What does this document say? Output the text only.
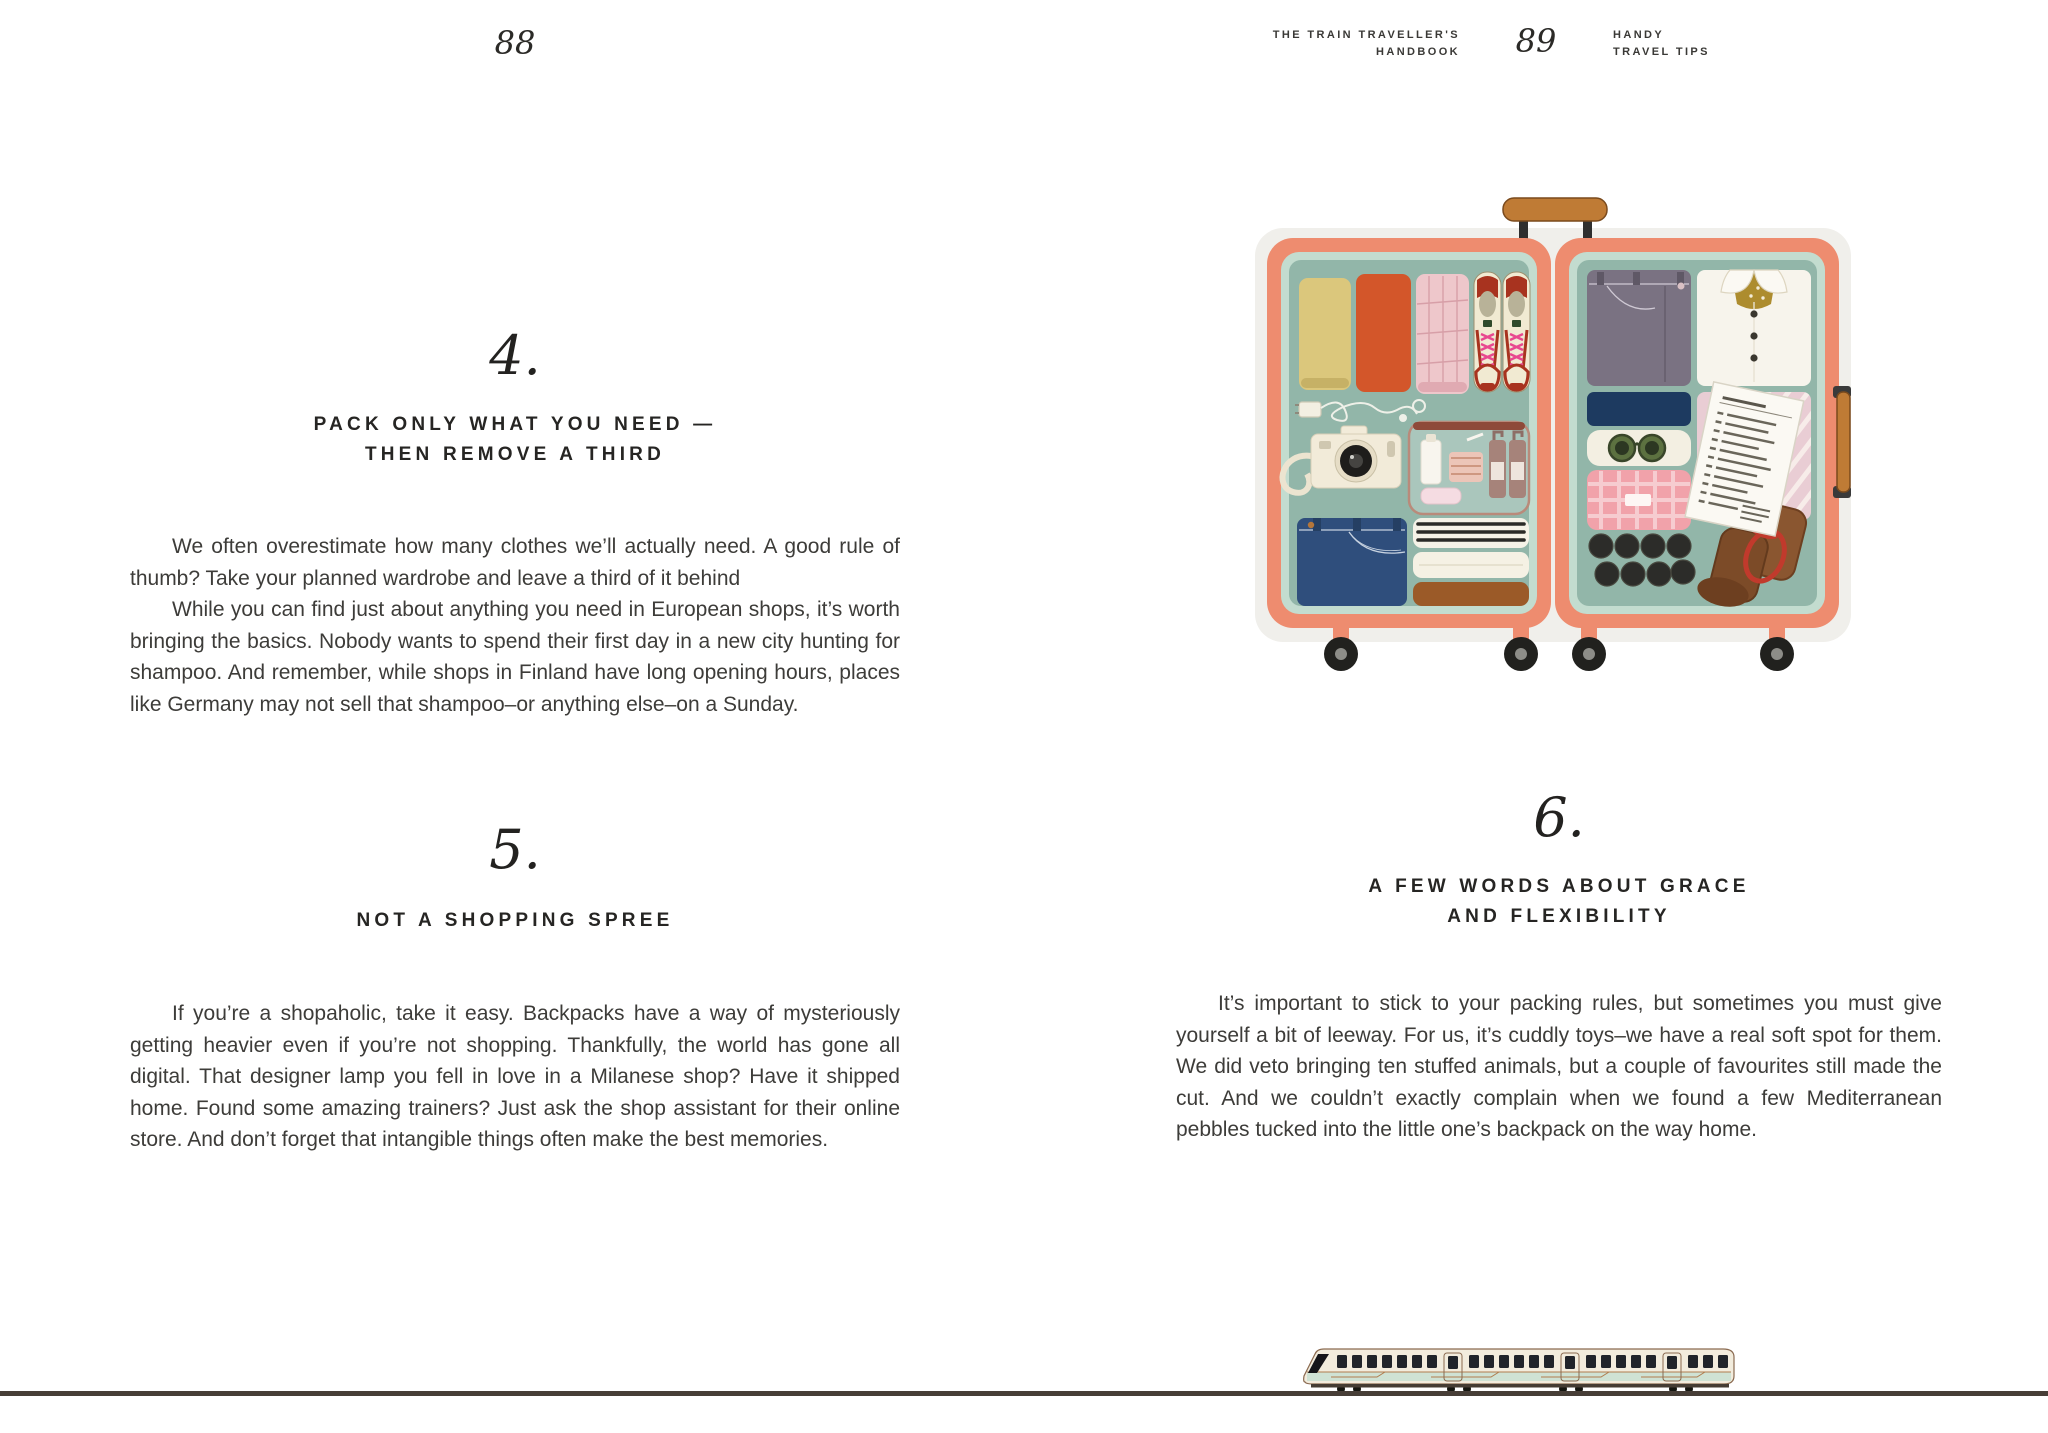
88
4.
PACK ONLY WHAT YOU NEED —
THEN REMOVE A THIRD

We often overestimate how many clothes we’ll actually need. A good rule of thumb? Take your planned wardrobe and leave a third of it behind

While you can find just about anything you need in European shops, it’s worth bringing the basics. Nobody wants to spend their first day in a new city hunting for shampoo. And remember, while shops in Finland have long opening hours, places like Germany may not sell that shampoo–or anything else–on a Sunday.

5.
NOT A SHOPPING SPREE

If you’re a shopaholic, take it easy. Backpacks have a way of mysteriously getting heavier even if you’re not shopping. Thankfully, the world has gone all digital. That designer lamp you fell in love in a Milanese shop? Have it shipped home. Found some amazing trainers? Just ask the shop assistant for their online store. And don’t forget that intangible things often make the best memories.

THE TRAIN TRAVELLER'S
HANDBOOK	89	HANDY
TRAVEL TIPS
6.
A FEW WORDS ABOUT GRACE
AND FLEXIBILITY

It’s important to stick to your packing rules, but sometimes you must give yourself a bit of leeway. For us, it’s cuddly toys–we have a real soft spot for them. We did veto bringing ten stuffed animals, but a couple of favourites still made the cut. And we couldn’t exactly complain when we found a few Mediterranean pebbles tucked into the little one’s backpack on the way home.
